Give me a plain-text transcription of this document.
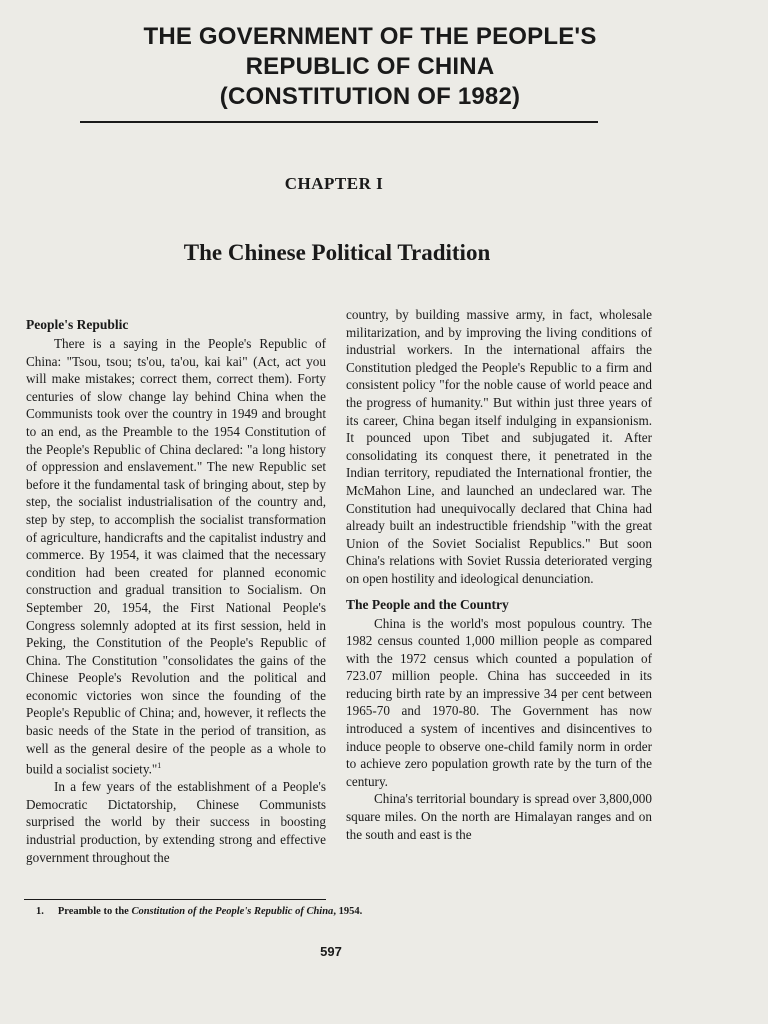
THE GOVERNMENT OF THE PEOPLE'S
REPUBLIC OF CHINA
(CONSTITUTION OF 1982)
CHAPTER I
The Chinese Political Tradition
People's Republic

There is a saying in the People's Republic of China: "Tsou, tsou; ts'ou, ta'ou, kai kai" (Act, act you will make mistakes; correct them, correct them). Forty centuries of slow change lay behind China when the Communists took over the country in 1949 and brought to an end, as the Preamble to the 1954 Constitution of the People's Republic of China declared: "a long history of oppression and enslavement." The new Republic set before it the fundamental task of bringing about, step by step, the socialist industrialisation of the country and, step by step, to accomplish the socialist transformation of agriculture, handicrafts and the capitalist industry and commerce. By 1954, it was claimed that the necessary condition had been created for planned economic construction and gradual transition to Socialism. On September 20, 1954, the First National People's Congress solemnly adopted at its first session, held in Peking, the Constitution of the People's Republic of China. The Constitution "consolidates the gains of the Chinese People's Revolution and the political and economic victories won since the founding of the People's Republic of China; and, however, it reflects the basic needs of the State in the period of transition, as well as the general desire of the people as a whole to build a socialist society."$^1$

In a few years of the establishment of a People's Democratic Dictatorship, Chinese Communists surprised the world by their success in boosting industrial production, by extending strong and effective government throughout the

country, by building massive army, in fact, wholesale militarization, and by improving the living conditions of industrial workers. In the international affairs the Constitution pledged the People's Republic to a firm and consistent policy "for the noble cause of world peace and the progress of humanity." But within just three years of its career, China began itself indulging in expansionism. It pounced upon Tibet and subjugated it. After consolidating its conquest there, it penetrated in the Indian territory, repudiated the International frontier, the McMahon Line, and launched an undeclared war. The Constitution had unequivocally declared that China had already built an indestructible friendship "with the great Union of the Soviet Socialist Republics." But soon China's relations with Soviet Russia deteriorated verging on open hostility and ideological denunciation.

The People and the Country

China is the world's most populous country. The 1982 census counted 1,000 million people as compared with the 1972 census which counted a population of 723.07 million people. China has succeeded in its reducing birth rate by an impressive 34 per cent between 1965-70 and 1970-80. The Government has now introduced a system of incentives and disincentives to induce people to observe one-child family norm in order to achieve zero population growth rate by the turn of the century.

China's territorial boundary is spread over 3,800,000 square miles. On the north are Himalayan ranges and on the south and east is the

1. Preamble to the Constitution of the People's Republic of China, 1954.
597
